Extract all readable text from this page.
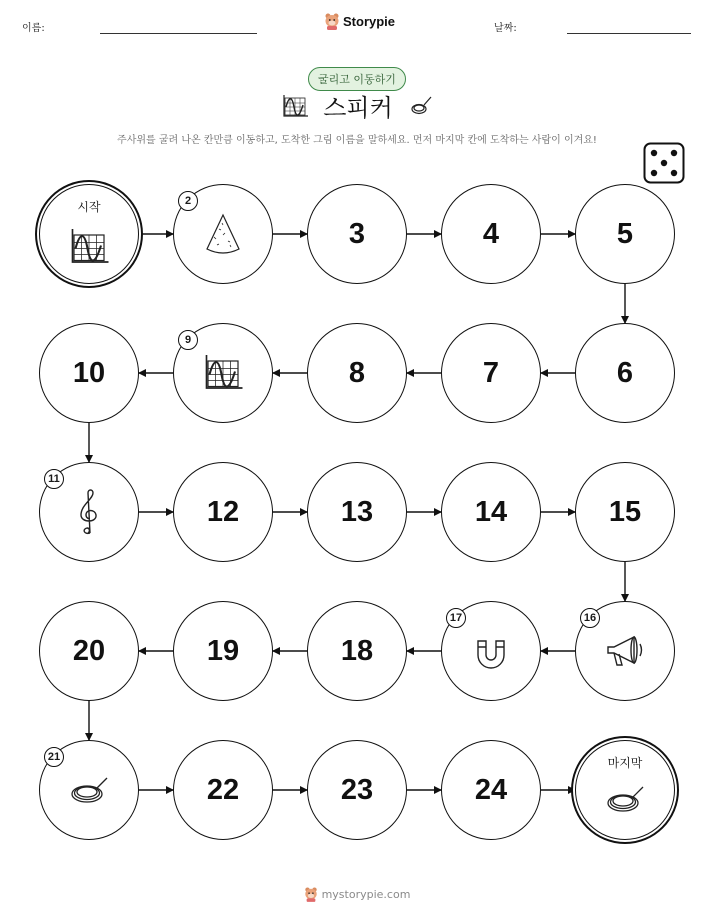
이름:	Storypie	날짜:
굴리고 이동하기
스피커
주사위를 굴려 나온 칸만큼 이동하고, 도착한 그림 이름을 말하세요. 먼저 마지막 칸에 도착하는 사람이 이겨요!
시작	2
3	4	5
6
7
8
9
10
11
12	13	14	15
16
17
18
19
20
21
22	23	24
마지막
mystorypie.com
